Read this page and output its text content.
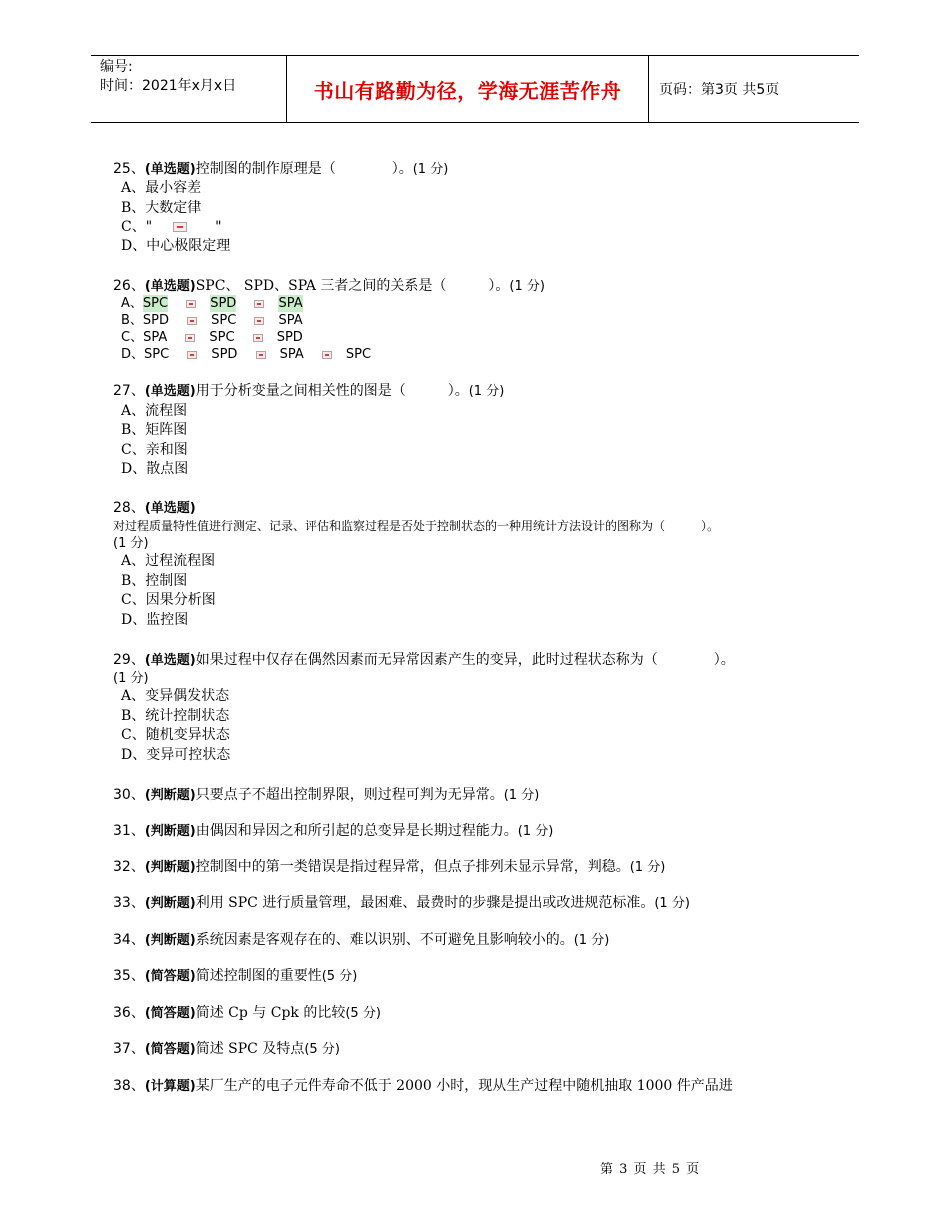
编号:
时间：2021年x月x日	书山有路勤为径，学海无涯苦作舟	页码：第3页 共5页
25、(单选题)控制图的制作原理是（　　　　）。(1 分)
A、最小容差
B、大数定律
C、"	"
D、中心极限定理
26、(单选题)SPC、 SPD、SPA 三者之间的关系是（　　　）。(1 分)
A、SPC	SPD	SPA
B、SPD	SPC	SPA
C、SPA	SPC	SPD
D、SPC	SPD	SPA	SPC
27、(单选题)用于分析变量之间相关性的图是（　　　）。(1 分)
A、流程图
B、矩阵图
C、亲和图
D、散点图
28、(单选题)
对过程质量特性值进行测定、记录、评估和监察过程是否处于控制状态的一种用统计方法设计的图称为（　　　）。
(1 分)
A、过程流程图
B、控制图
C、因果分析图
D、监控图
29、(单选题)如果过程中仅存在偶然因素而无异常因素产生的变异，此时过程状态称为（　　　　）。
(1 分)
A、变异偶发状态
B、统计控制状态
C、随机变异状态
D、变异可控状态
30、(判断题)只要点子不超出控制界限，则过程可判为无异常。(1 分)
31、(判断题)由偶因和异因之和所引起的总变异是长期过程能力。(1 分)
32、(判断题)控制图中的第一类错误是指过程异常，但点子排列未显示异常，判稳。(1 分)
33、(判断题)利用 SPC 进行质量管理，最困难、最费时的步骤是提出或改进规范标准。(1 分)
34、(判断题)系统因素是客观存在的、难以识别、不可避免且影响较小的。(1 分)
35、(简答题)简述控制图的重要性(5 分)
36、(简答题)简述 Cp 与 Cpk 的比较(5 分)
37、(简答题)简述 SPC 及特点(5 分)
38、(计算题)某厂生产的电子元件寿命不低于 2000 小时，现从生产过程中随机抽取 1000 件产品进
第 3 页 共 5 页
